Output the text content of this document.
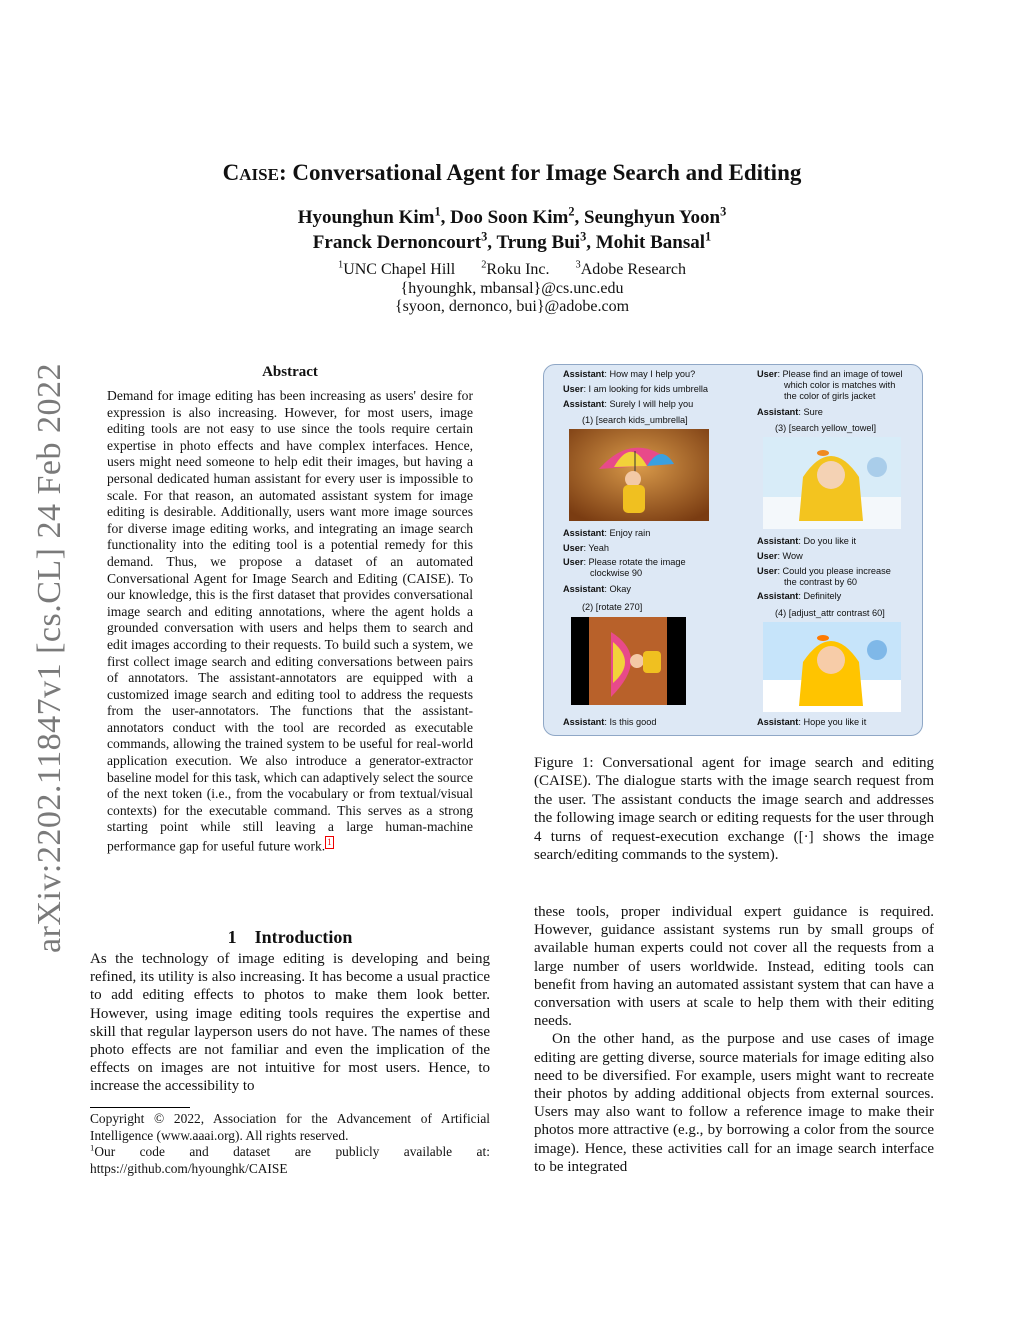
arXiv:2202.11847v1 [cs.CL] 24 Feb 2022
CAISE: Conversational Agent for Image Search and Editing
Hyounghun Kim$^1$, Doo Soon Kim$^2$, Seunghyun Yoon$^3$
Franck Dernoncourt$^3$, Trung Bui$^3$, Mohit Bansal$^1$
$^1$UNC Chapel Hill	$^2$Roku Inc.	$^3$Adobe Research
{hyounghk, mbansal}@cs.unc.edu
{syoon, dernonco, bui}@adobe.com
Abstract
Demand for image editing has been increasing as users' desire for expression is also increasing. However, for most users, image editing tools are not easy to use since the tools require certain expertise in photo effects and have complex interfaces. Hence, users might need someone to help edit their images, but having a personal dedicated human assistant for every user is impossible to scale. For that reason, an automated assistant system for image editing is desirable. Additionally, users want more image sources for diverse image editing works, and integrating an image search functionality into the editing tool is a potential remedy for this demand. Thus, we propose a dataset of an automated Conversational Agent for Image Search and Editing (CAISE). To our knowledge, this is the first dataset that provides conversational image search and editing annotations, where the agent holds a grounded conversation with users and helps them to search and edit images according to their requests. To build such a system, we first collect image search and editing conversations between pairs of annotators. The assistant-annotators are equipped with a customized image search and editing tool to address the requests from the user-annotators. The functions that the assistant-annotators conduct with the tool are recorded as executable commands, allowing the trained system to be useful for real-world application execution. We also introduce a generator-extractor baseline model for this task, which can adaptively select the source of the next token (i.e., from the vocabulary or from textual/visual contexts) for the executable command. This serves as a strong starting point while still leaving a large human-machine performance gap for useful future work. 1
1    Introduction
As the technology of image editing is developing and being refined, its utility is also increasing. It has become a usual practice to add editing effects to photos to make them look better. However, using image editing tools requires the expertise and skill that regular layperson users do not have. The names of these photo effects are not familiar and even the implication of the effects on images are not intuitive for most users. Hence, to increase the accessibility to
Copyright © 2022, Association for the Advancement of Artificial Intelligence (www.aaai.org). All rights reserved.
$^1$Our code and dataset are publicly available at:
https://github.com/hyounghk/CAISE
Assistant: How may I help you?
User: I am looking for kids umbrella
Assistant: Surely I will help you
(1) [search kids_umbrella]
Assistant: Enjoy rain
User: Yeah
User: Please rotate the image
clockwise 90
Assistant: Okay
(2) [rotate 270]
Assistant: Is this good
User: Please find an image of towel
which color is matches with
the color of girls jacket
Assistant: Sure
(3) [search yellow_towel]
Assistant: Do you like it
User: Wow
User: Could you please increase
the contrast by 60
Assistant: Definitely
(4) [adjust_attr contrast 60]
Assistant: Hope you like it
Figure 1: Conversational agent for image search and editing (CAISE). The dialogue starts with the image search request from the user. The assistant conducts the image search and addresses the following image search or editing requests for the user through 4 turns of request-execution exchange ([·] shows the image search/editing commands to the system).

these tools, proper individual expert guidance is required. However, guidance assistant systems run by small groups of available human experts could not cover all the requests from a large number of users worldwide. Instead, editing tools can benefit from having an automated assistant system that can have a conversation with users at scale to help them with their editing needs.

On the other hand, as the purpose and use cases of image editing are getting diverse, source materials for image editing also need to be diversified. For example, users might want to recreate their photos by adding additional objects from external sources. Users may also want to follow a reference image to make their photos more attractive (e.g., by borrowing a color from the source image). Hence, these activities call for an image search interface to be integrated
